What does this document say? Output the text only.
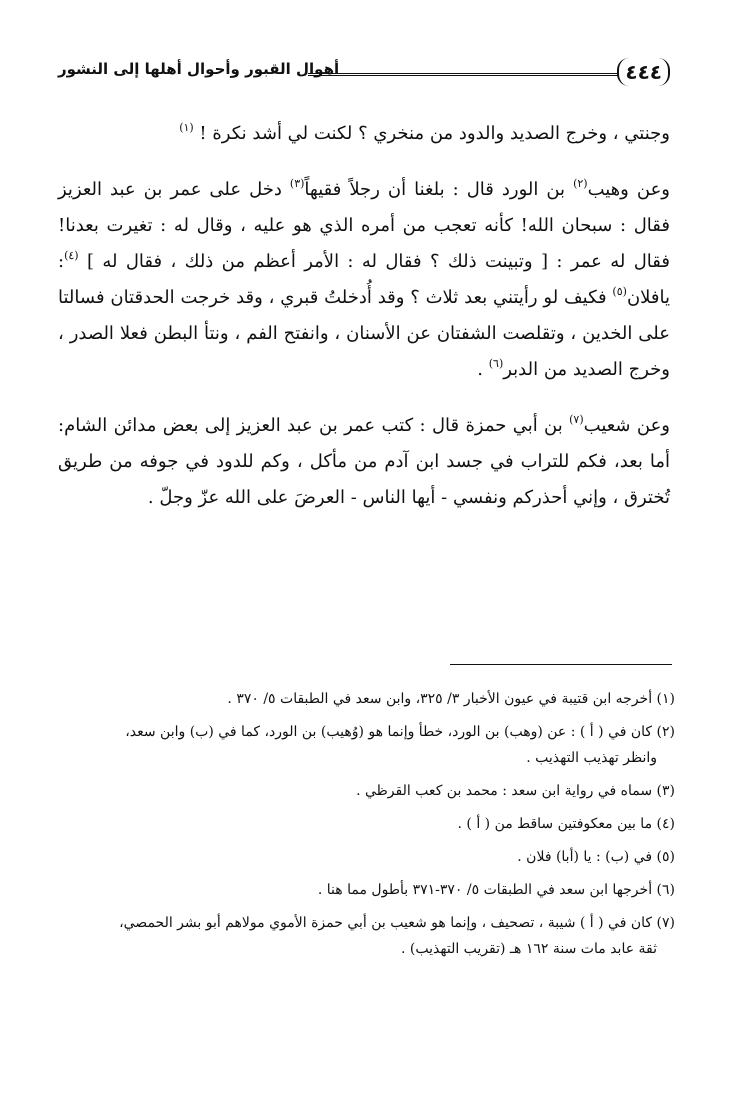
٤٤٤
أهوال القبور وأحوال أهلها إلى النشور

وجنتي ، وخرج الصديد والدود من منخري ؟ لكنت لي أشد نكرة ! $^{(١)}$

وعن وهيب$^{(٢)}$ بن الورد قال : بلغنا أن رجلاً فقيهاً$^{(٣)}$ دخل على عمر بن عبد العزيز فقال : سبحان الله! كأنه تعجب من أمره الذي هو عليه ، وقال له : تغيرت بعدنا! فقال له عمر : [ وتبينت ذلك ؟ فقال له : الأمر أعظم من ذلك ، فقال له ] $^{(٤)}$: يافلان$^{(٥)}$ فكيف لو رأيتني بعد ثلاث ؟ وقد أُدخلتُ قبري ، وقد خرجت الحدقتان فسالتا على الخدين ، وتقلصت الشفتان عن الأسنان ، وانفتح الفم ، ونتأ البطن فعلا الصدر ، وخرج الصديد من الدبر$^{(٦)}$ .

وعن شعيب$^{(٧)}$ بن أبي حمزة قال : كتب عمر بن عبد العزيز إلى بعض مدائن الشام: أما بعد، فكم للتراب في جسد ابن آدم من مأكل ، وكم للدود في جوفه من طريق تُخترق ، وإني أحذركم ونفسي - أيها الناس - العرضَ على الله عزّ وجلّ .

(١) أخرجه ابن قتيبة في عيون الأخبار ٣/ ٣٢٥، وابن سعد في الطبقات ٥/ ٣٧٠ .
(٢) كان في ( أ ) : عن (وهب) بن الورد، خطأ وإنما هو (وُهيب) بن الورد، كما في (ب) وابن سعد،
وانظر تهذيب التهذيب .
(٣) سماه في رواية ابن سعد : محمد بن كعب القرظي .
(٤) ما بين معكوفتين ساقط من ( أ ) .
(٥) في (ب) : يا (أبا) فلان .
(٦) أخرجها ابن سعد في الطبقات ٥/ ٣٧٠-٣٧١ بأطول مما هنا .
(٧) كان في ( أ ) شيبة ، تصحيف ، وإنما هو شعيب بن أبي حمزة الأموي مولاهم أبو بشر الحمصي،
ثقة عابد مات سنة ١٦٢ هـ (تقريب التهذيب) .
